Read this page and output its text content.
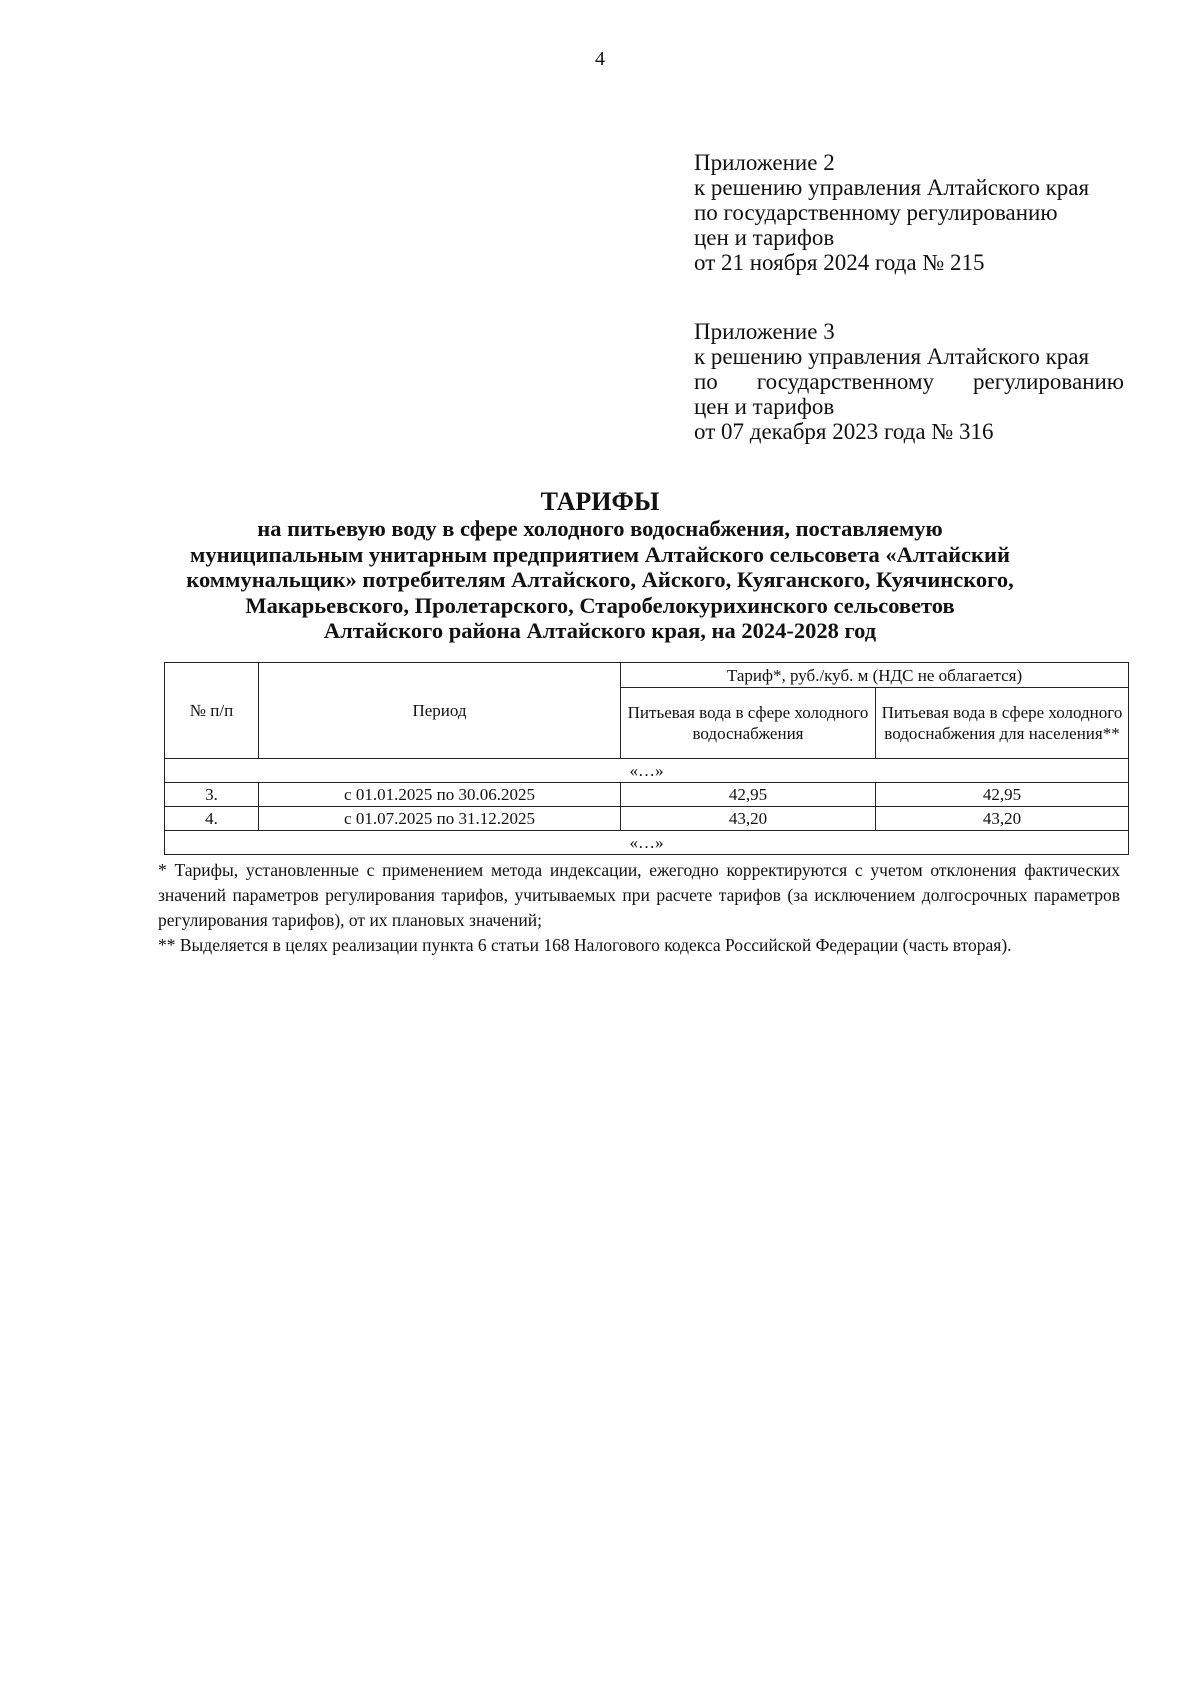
4
Приложение 2
к решению управления Алтайского края
по государственному регулированию
цен и тарифов
от 21 ноября 2024 года № 215
Приложение 3
к решению управления Алтайского края
по государственному регулированию
цен и тарифов
от 07 декабря 2023 года № 316
ТАРИФЫ
на питьевую воду в сфере холодного водоснабжения, поставляемую
муниципальным унитарным предприятием Алтайского сельсовета «Алтайский
коммунальщик» потребителям Алтайского, Айского, Куяганского, Куячинского,
Макарьевского, Пролетарского, Старобелокурихинского сельсоветов
Алтайского района Алтайского края, на 2024-2028 год
№ п/п	Период	Тариф*, руб./куб. м (НДС не облагается)	
		Питьевая вода в сфере холодного водоснабжения	Питьевая вода в сфере холодного водоснабжения для населения**
«…»			
3.	с 01.01.2025 по 30.06.2025	42,95	42,95
4.	с 01.07.2025 по 31.12.2025	43,20	43,20
«…»			

* Тарифы, установленные с применением метода индексации, ежегодно корректируются с учетом отклонения фактических значений параметров регулирования тарифов, учитываемых при расчете тарифов (за исключением долгосрочных параметров регулирования тарифов), от их плановых значений;

** Выделяется в целях реализации пункта 6 статьи 168 Налогового кодекса Российской Федерации (часть вторая).
